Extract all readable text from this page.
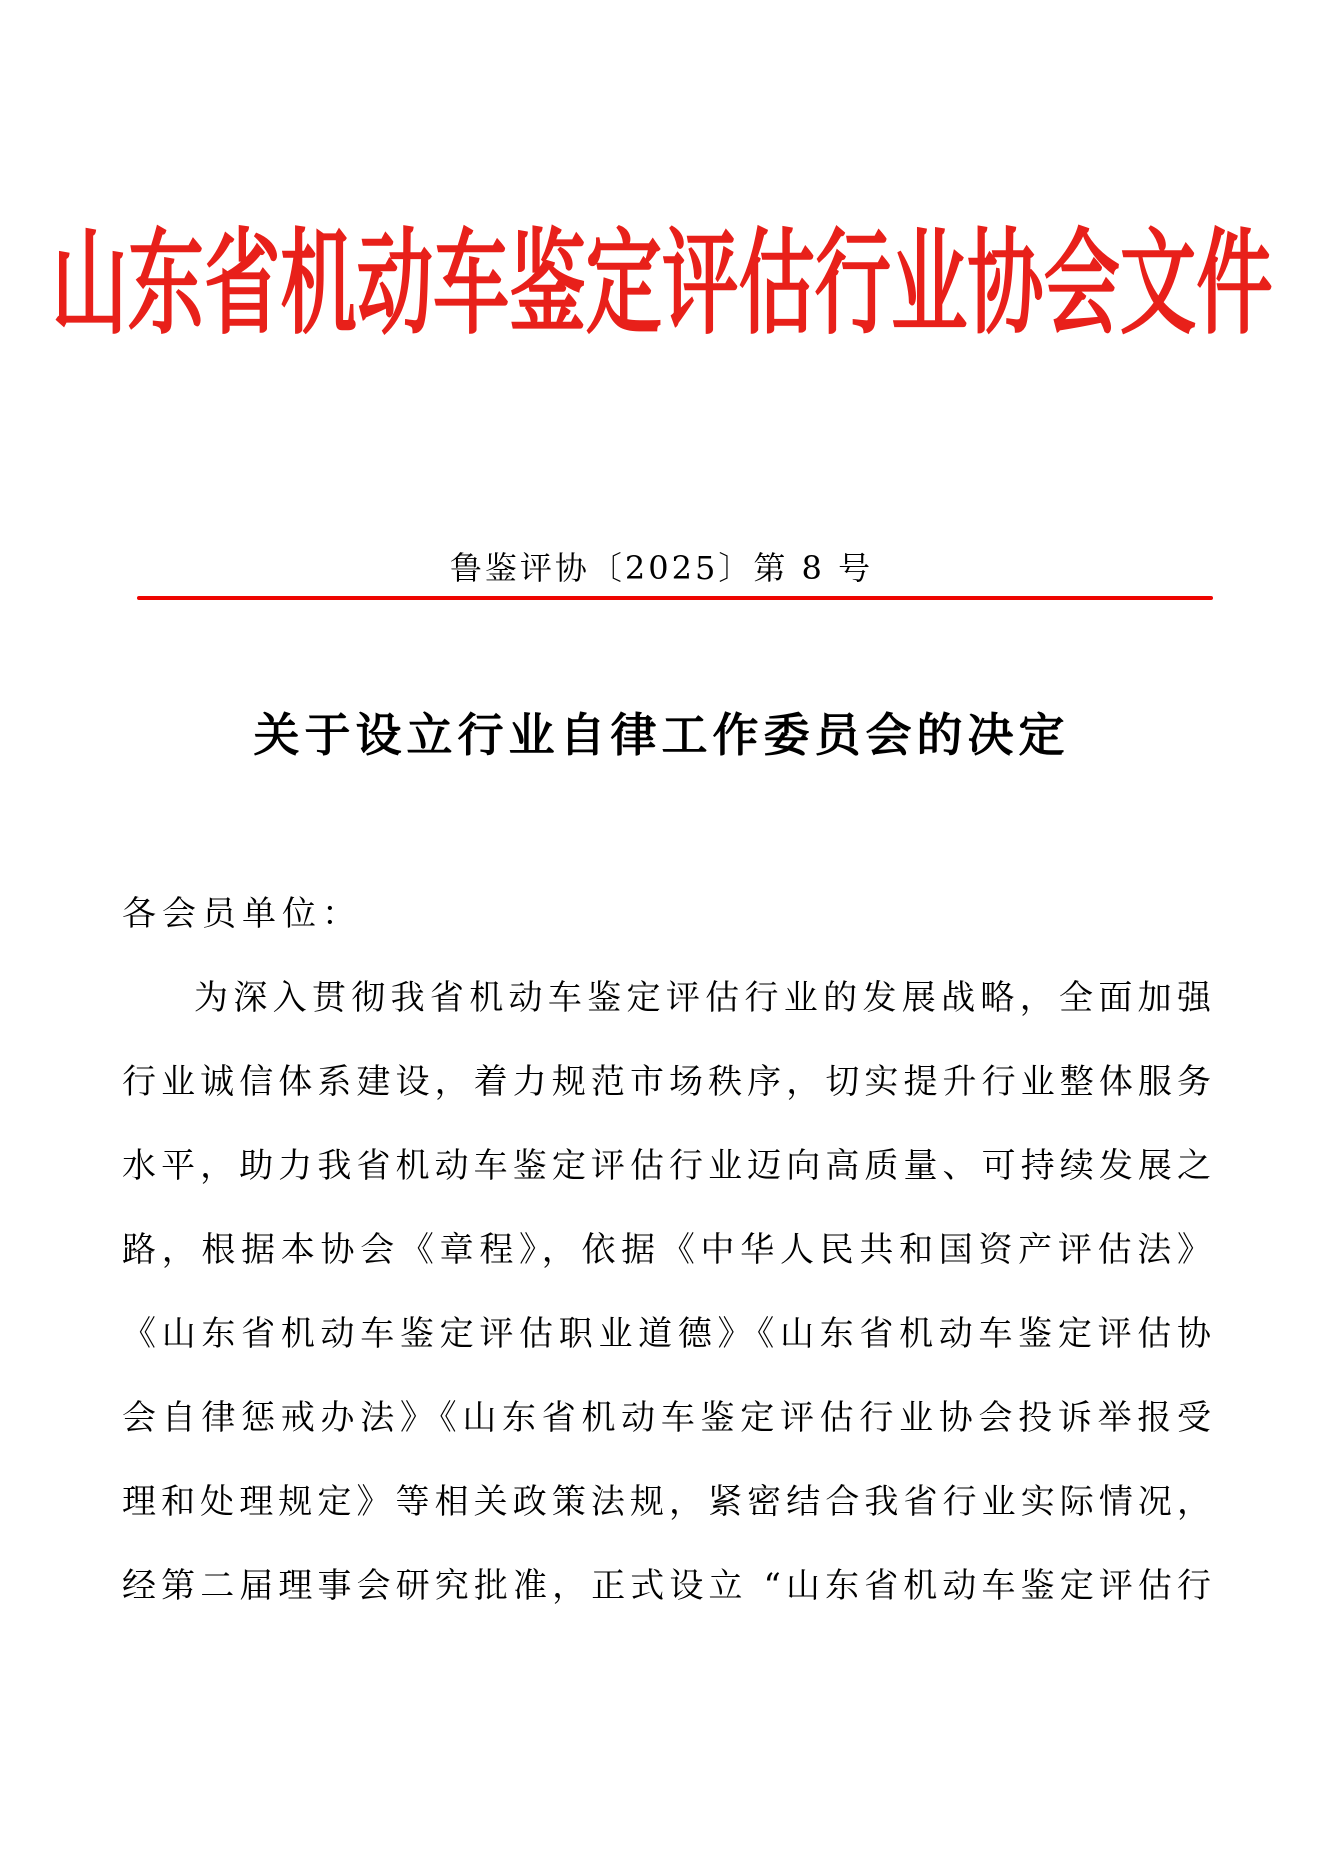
山东省机动车鉴定评估行业协会文件
鲁鉴评协〔2025〕第 8 号
关于设立行业自律工作委员会的决定
各会员单位：
为深入贯彻我省机动车鉴定评估行业的发展战略，全面加强
行业诚信体系建设，着力规范市场秩序，切实提升行业整体服务
水平，助力我省机动车鉴定评估行业迈向高质量、可持续发展之
路，根据本协会《章程》，依据《中华人民共和国资产评估法》
《山东省机动车鉴定评估职业道德》《山东省机动车鉴定评估协
会自律惩戒办法》《山东省机动车鉴定评估行业协会投诉举报受
理和处理规定》等相关政策法规，紧密结合我省行业实际情况，
经第二届理事会研究批准，正式设立 “山东省机动车鉴定评估行
